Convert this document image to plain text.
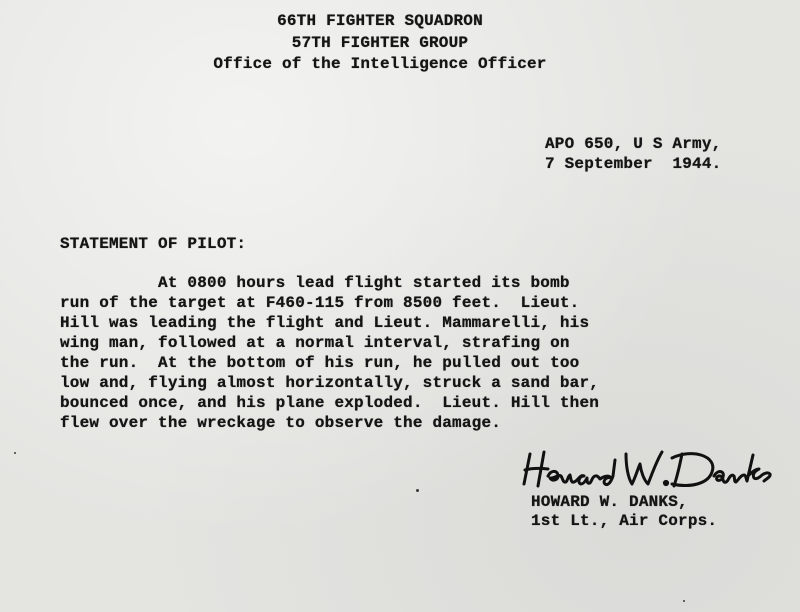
66TH FIGHTER SQUADRON

57TH FIGHTER GROUP

Office of the Intelligence Officer

APO 650, U S Army,

7 September  1944.

STATEMENT OF PILOT:

At 0800 hours lead flight started its bomb

run of the target at F460-115 from 8500 feet.  Lieut.

Hill was leading the flight and Lieut. Mammarelli, his

wing man, followed at a normal interval, strafing on

the run.  At the bottom of his run, he pulled out too

low and, flying almost horizontally, struck a sand bar,

bounced once, and his plane exploded.  Lieut. Hill then

flew over the wreckage to observe the damage.

HOWARD W. DANKS,

1st Lt., Air Corps.
